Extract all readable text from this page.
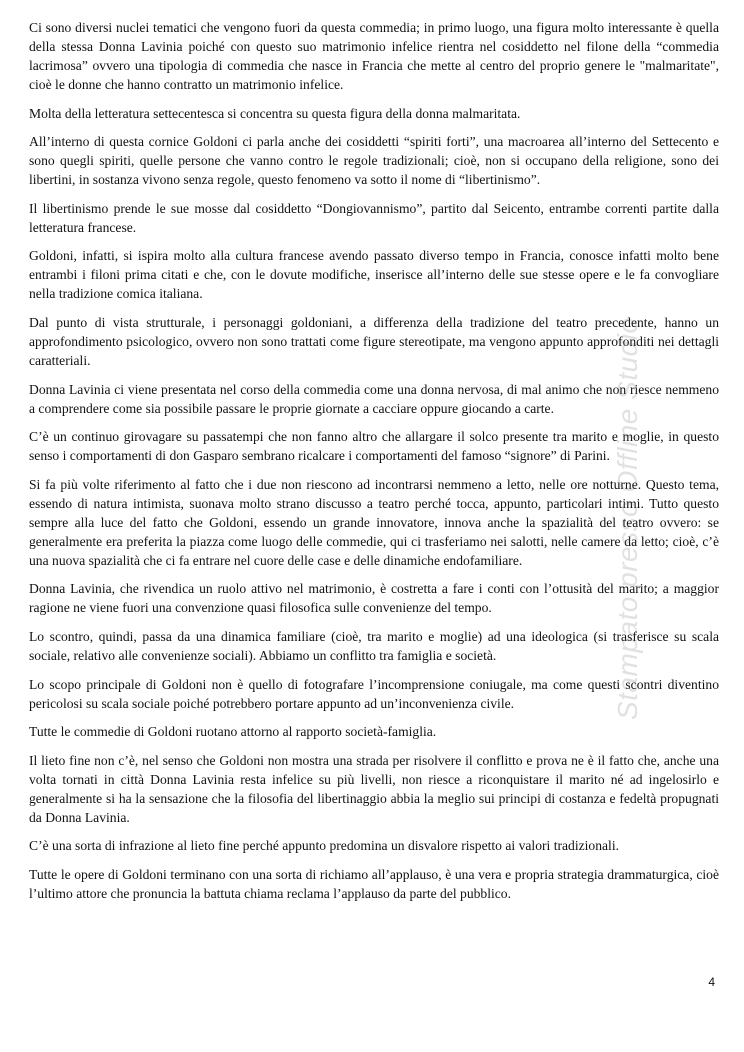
Ci sono diversi nuclei tematici che vengono fuori da questa commedia; in primo luogo, una figura molto interessante è quella della stessa Donna Lavinia poiché con questo suo matrimonio infelice rientra nel cosiddetto nel filone della “commedia lacrimosa” ovvero una tipologia di commedia che nasce in Francia che mette al centro del proprio genere le "malmaritate", cioè le donne che hanno contratto un matrimonio infelice.

Molta della letteratura settecentesca si concentra su questa figura della donna malmaritata.

All’interno di questa cornice Goldoni ci parla anche dei cosiddetti “spiriti forti”, una macroarea all’interno del Settecento e sono quegli spiriti, quelle persone che vanno contro le regole tradizionali; cioè, non si occupano della religione, sono dei libertini, in sostanza vivono senza regole, questo fenomeno va sotto il nome di “libertinismo”.

Il libertinismo prende le sue mosse dal cosiddetto “Dongiovannismo”, partito dal Seicento, entrambe correnti partite dalla letteratura francese.

Goldoni, infatti, si ispira molto alla cultura francese avendo passato diverso tempo in Francia, conosce infatti molto bene entrambi i filoni prima citati e che, con le dovute modifiche, inserisce all’interno delle sue stesse opere e le fa convogliare nella tradizione comica italiana.

Dal punto di vista strutturale, i personaggi goldoniani, a differenza della tradizione del teatro precedente, hanno un approfondimento psicologico, ovvero non sono trattati come figure stereotipate, ma vengono appunto approfonditi nei dettagli caratteriali.

Donna Lavinia ci viene presentata nel corso della commedia come una donna nervosa, di mal animo che non riesce nemmeno a comprendere come sia possibile passare le proprie giornate a cacciare oppure giocando a carte.

C’è un continuo girovagare su passatempi che non fanno altro che allargare il solco presente tra marito e moglie, in questo senso i comportamenti di don Gasparo sembrano ricalcare i comportamenti del famoso “signore” di Parini.

Si fa più volte riferimento al fatto che i due non riescono ad incontrarsi nemmeno a letto, nelle ore notturne. Questo tema, essendo di natura intimista, suonava molto strano discusso a teatro perché tocca, appunto, particolari intimi. Tutto questo sempre alla luce del fatto che Goldoni, essendo un grande innovatore, innova anche la spazialità del teatro ovvero: se generalmente era preferita la piazza come luogo delle commedie, qui ci trasferiamo nei salotti, nelle camere da letto; cioè, c’è una nuova spazialità che ci fa entrare nel cuore delle case e delle dinamiche endofamiliare.

Donna Lavinia, che rivendica un ruolo attivo nel matrimonio, è costretta a fare i conti con l’ottusità del marito; a maggior ragione ne viene fuori una convenzione quasi filosofica sulle convenienze del tempo.

Lo scontro, quindi, passa da una dinamica familiare (cioè, tra marito e moglie) ad una ideologica (si trasferisce su scala sociale, relativo alle convenienze sociali). Abbiamo un conflitto tra famiglia e società.

Lo scopo principale di Goldoni non è quello di fotografare l’incomprensione coniugale, ma come questi scontri diventino pericolosi su scala sociale poiché potrebbero portare appunto ad un’inconvenienza civile.

Tutte le commedie di Goldoni ruotano attorno al rapporto società-famiglia.

Il lieto fine non c’è, nel senso che Goldoni non mostra una strada per risolvere il conflitto e prova ne è il fatto che, anche una volta tornati in città Donna Lavinia resta infelice su più livelli, non riesce a riconquistare il marito né ad ingelosirlo e generalmente si ha la sensazione che la filosofia del libertinaggio abbia la meglio sui principi di costanza e fedeltà propugnati da Donna Lavinia.

C’è una sorta di infrazione al lieto fine perché appunto predomina un disvalore rispetto ai valori tradizionali.

Tutte le opere di Goldoni terminano con una sorta di richiamo all’applauso, è una vera e propria strategia drammaturgica, cioè l’ultimo attore che pronuncia la battuta chiama reclama l’applauso da parte del pubblico.

Stampato presso Offline Studio
4
